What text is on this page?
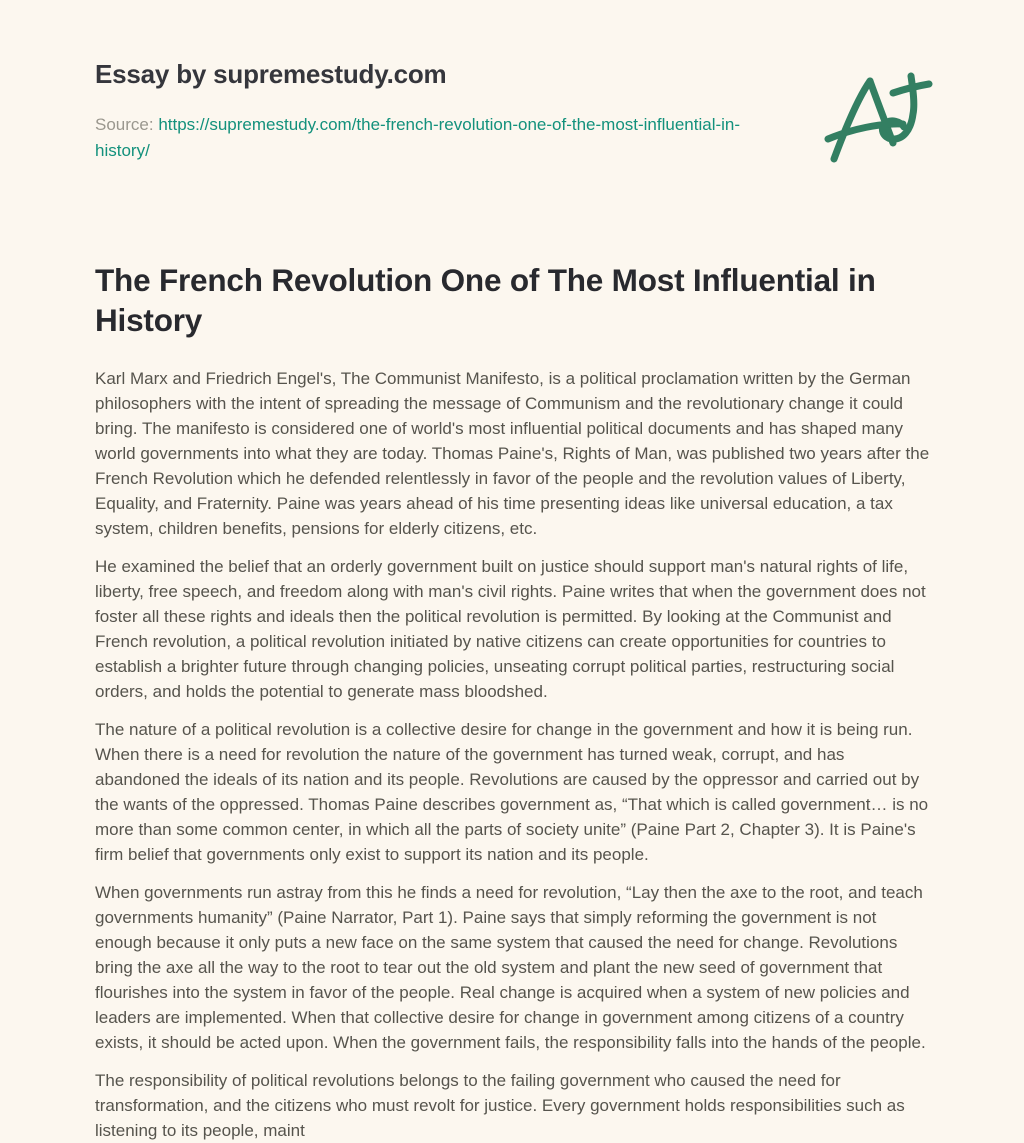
Essay by supremestudy.com

Source: https://supremestudy.com/the-french-revolution-one-of-the-most-influential-in-history/

The French Revolution One of The Most Influential in History

Karl Marx and Friedrich Engel's, The Communist Manifesto, is a political proclamation written by the German philosophers with the intent of spreading the message of Communism and the revolutionary change it could bring. The manifesto is considered one of world's most influential political documents and has shaped many world governments into what they are today. Thomas Paine's, Rights of Man, was published two years after the French Revolution which he defended relentlessly in favor of the people and the revolution values of Liberty, Equality, and Fraternity. Paine was years ahead of his time presenting ideas like universal education, a tax system, children benefits, pensions for elderly citizens, etc.

He examined the belief that an orderly government built on justice should support man's natural rights of life, liberty, free speech, and freedom along with man's civil rights. Paine writes that when the government does not foster all these rights and ideals then the political revolution is permitted. By looking at the Communist and French revolution, a political revolution initiated by native citizens can create opportunities for countries to establish a brighter future through changing policies, unseating corrupt political parties, restructuring social orders, and holds the potential to generate mass bloodshed.

The nature of a political revolution is a collective desire for change in the government and how it is being run. When there is a need for revolution the nature of the government has turned weak, corrupt, and has abandoned the ideals of its nation and its people. Revolutions are caused by the oppressor and carried out by the wants of the oppressed. Thomas Paine describes government as, “That which is called government… is no more than some common center, in which all the parts of society unite” (Paine Part 2, Chapter 3). It is Paine's firm belief that governments only exist to support its nation and its people.

When governments run astray from this he finds a need for revolution, “Lay then the axe to the root, and teach governments humanity” (Paine Narrator, Part 1). Paine says that simply reforming the government is not enough because it only puts a new face on the same system that caused the need for change. Revolutions bring the axe all the way to the root to tear out the old system and plant the new seed of government that flourishes into the system in favor of the people. Real change is acquired when a system of new policies and leaders are implemented. When that collective desire for change in government among citizens of a country exists, it should be acted upon. When the government fails, the responsibility falls into the hands of the people.

The responsibility of political revolutions belongs to the failing government who caused the need for transformation, and the citizens who must revolt for justice. Every government holds responsibilities such as listening to its people, maint
